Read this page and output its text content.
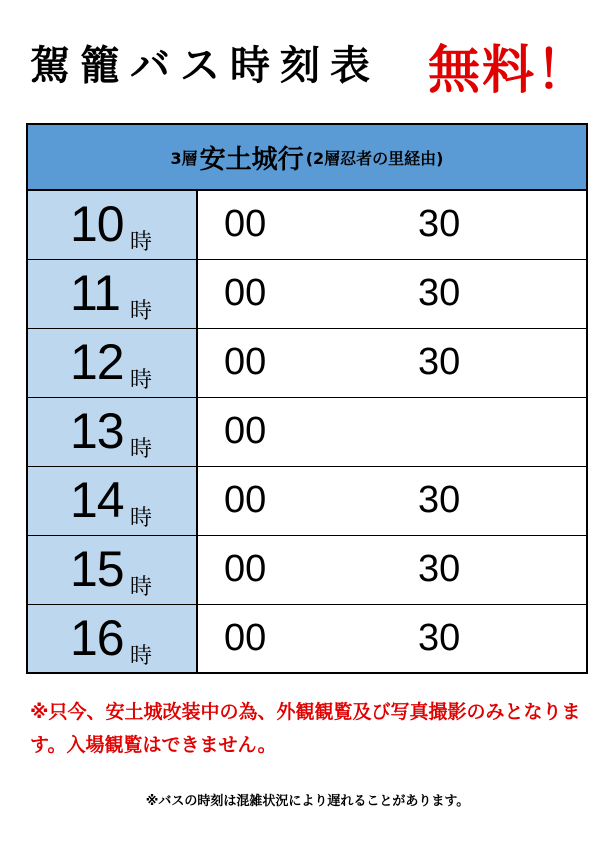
駕籠バス時刻表 無料！
3層 安土城行 (2層忍者の里経由)
10 時 00	30
11 時 00	30
12 時 00	30
13 時 00
14 時 00	30
15 時 00	30
16 時 00	30
※只今、安土城改装中の為、外観観覧及び写真撮影のみとなります。入場観覧はできません。
※バスの時刻は混雑状況により遅れることがあります。
